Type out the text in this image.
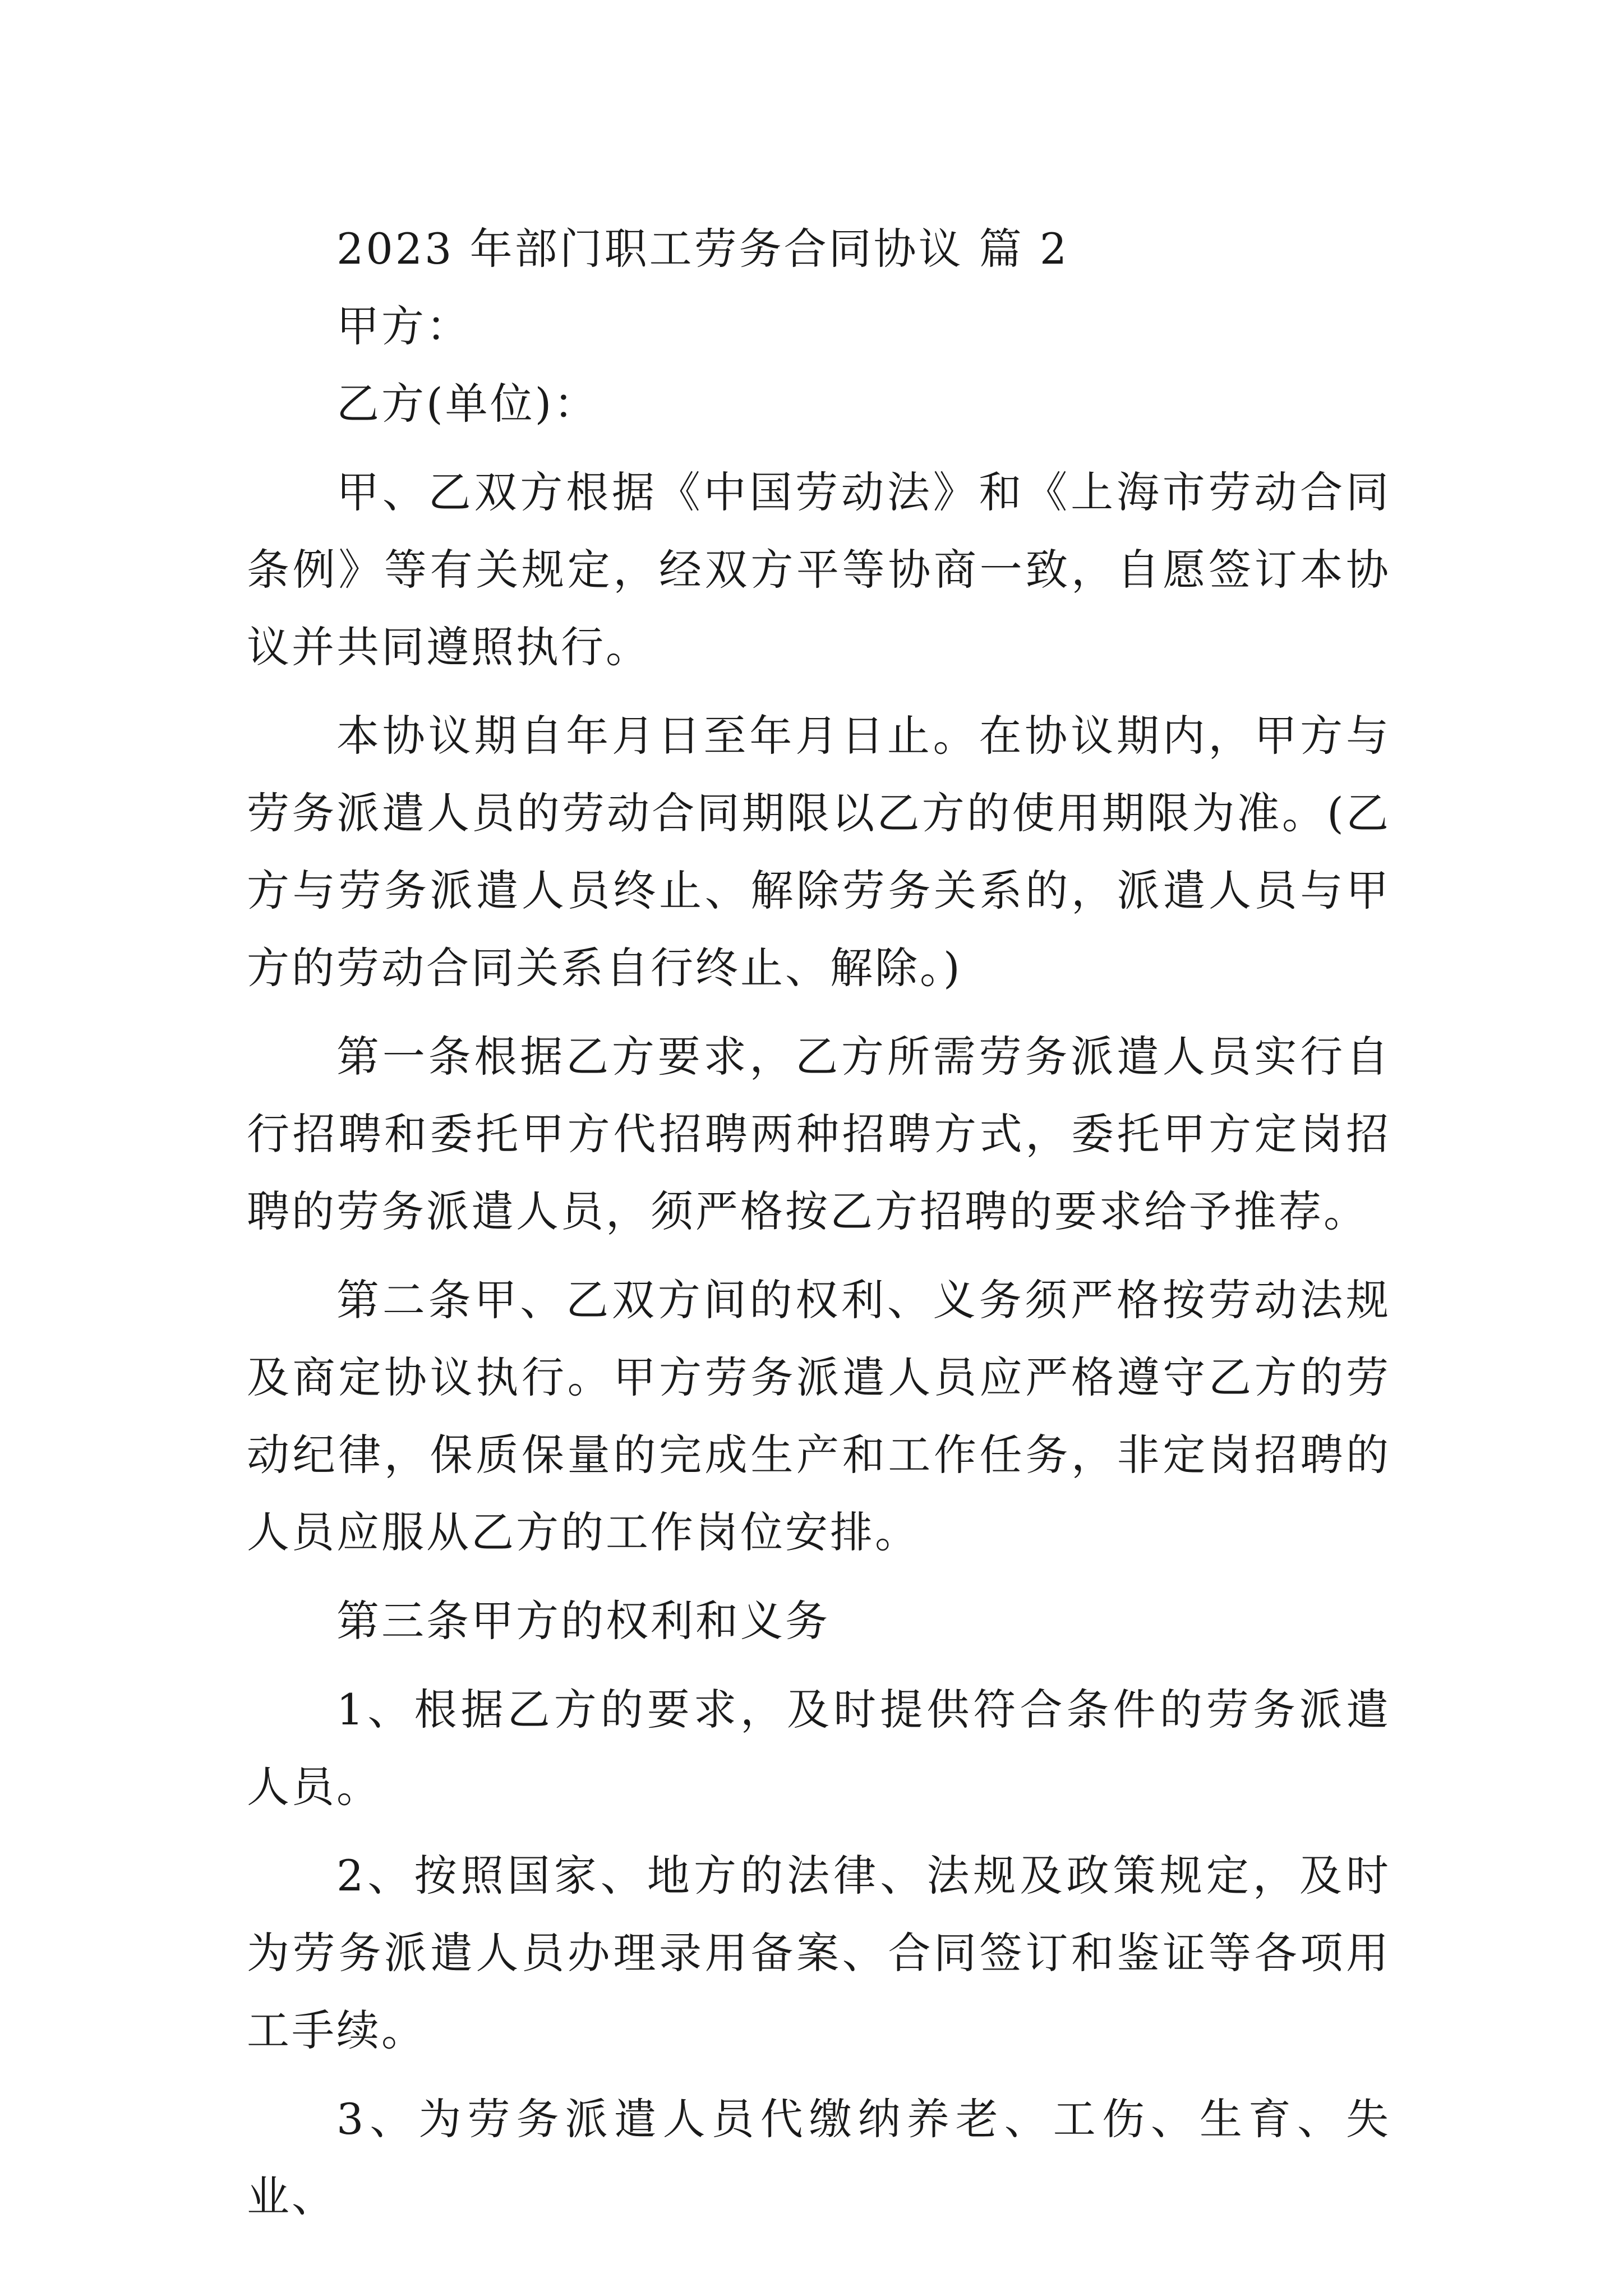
2023 年部门职工劳务合同协议 篇 2

甲方：

乙方(单位)：

甲、乙双方根据《中国劳动法》和《上海市劳动合同条例》等有关规定，经双方平等协商一致，自愿签订本协议并共同遵照执行。

本协议期自年月日至年月日止。在协议期内，甲方与劳务派遣人员的劳动合同期限以乙方的使用期限为准。(乙方与劳务派遣人员终止、解除劳务关系的，派遣人员与甲方的劳动合同关系自行终止、解除。)

第一条根据乙方要求，乙方所需劳务派遣人员实行自行招聘和委托甲方代招聘两种招聘方式，委托甲方定岗招聘的劳务派遣人员，须严格按乙方招聘的要求给予推荐。

第二条甲、乙双方间的权利、义务须严格按劳动法规及商定协议执行。甲方劳务派遣人员应严格遵守乙方的劳动纪律，保质保量的完成生产和工作任务，非定岗招聘的人员应服从乙方的工作岗位安排。

第三条甲方的权利和义务

1、根据乙方的要求，及时提供符合条件的劳务派遣人员。

2、按照国家、地方的法律、法规及政策规定，及时为劳务派遣人员办理录用备案、合同签订和鉴证等各项用工手续。

3、为劳务派遣人员代缴纳养老、工伤、生育、失业、
